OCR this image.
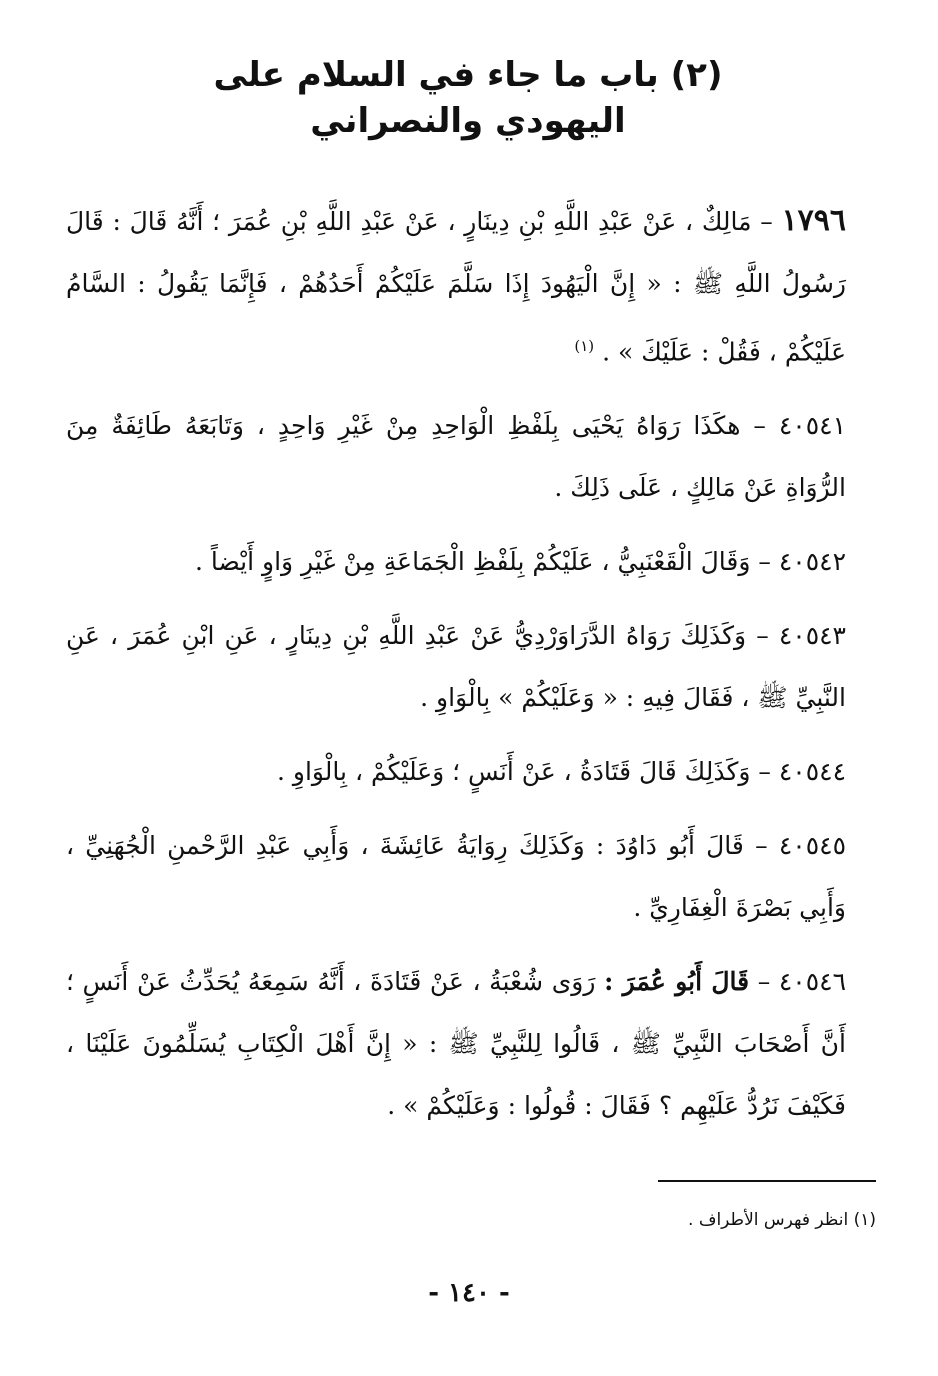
(٢) باب ما جاء في السلام على اليهودي والنصراني

١٧٩٦ – مَالِكٌ ، عَنْ عَبْدِ اللَّهِ بْنِ دِينَارٍ ، عَنْ عَبْدِ اللَّهِ بْنِ عُمَرَ ؛ أَنَّهُ قَالَ : قَالَ رَسُولُ اللَّهِ ﷺ : « إِنَّ الْيَهُودَ إِذَا سَلَّمَ عَلَيْكُمْ أَحَدُهُمْ ، فَإِنَّمَا يَقُولُ : السَّامُ عَلَيْكُمْ ، فَقُلْ : عَلَيْكَ » . $^{(١)}$

٤٠٥٤١ – هكَذَا رَوَاهُ يَحْيَى بِلَفْظِ الْوَاحِدِ مِنْ غَيْرِ وَاحِدٍ ، وَتَابَعَهُ طَائِفَةٌ مِنَ الرُّوَاةِ عَنْ مَالِكٍ ، عَلَى ذَلِكَ .

٤٠٥٤٢ – وَقَالَ الْقَعْنَبِيُّ ، عَلَيْكُمْ بِلَفْظِ الْجَمَاعَةِ مِنْ غَيْرِ وَاوٍ أَيْضاً .

٤٠٥٤٣ – وَكَذَلِكَ رَوَاهُ الدَّرَاوَرْدِيُّ عَنْ عَبْدِ اللَّهِ بْنِ دِينَارٍ ، عَنِ ابْنِ عُمَرَ ، عَنِ النَّبِيِّ ﷺ ، فَقَالَ فِيهِ : « وَعَلَيْكُمْ » بِالْوَاوِ .

٤٠٥٤٤ – وَكَذَلِكَ قَالَ قَتَادَةُ ، عَنْ أَنَسٍ ؛ وَعَلَيْكُمْ ، بِالْوَاوِ .

٤٠٥٤٥ – قَالَ أَبُو دَاوُدَ : وَكَذَلِكَ رِوَايَةُ عَائِشَةَ ، وَأَبِي عَبْدِ الرَّحْمنِ الْجُهَنِيِّ ، وَأَبِي بَصْرَةَ الْغِفَارِيِّ .

٤٠٥٤٦ – قَالَ أَبُو عُمَرَ : رَوَى شُعْبَةُ ، عَنْ قَتَادَةَ ، أَنَّهُ سَمِعَهُ يُحَدِّثُ عَنْ أَنَسٍ ؛ أَنَّ أَصْحَابَ النَّبِيِّ ﷺ ، قَالُوا لِلنَّبِيِّ ﷺ : « إِنَّ أَهْلَ الْكِتَابِ يُسَلِّمُونَ عَلَيْنَا ، فَكَيْفَ نَرُدُّ عَلَيْهِم ؟ فَقَالَ : قُولُوا : وَعَلَيْكُمْ » .

(١) انظر فهرس الأطراف .
- ١٤٠ -
